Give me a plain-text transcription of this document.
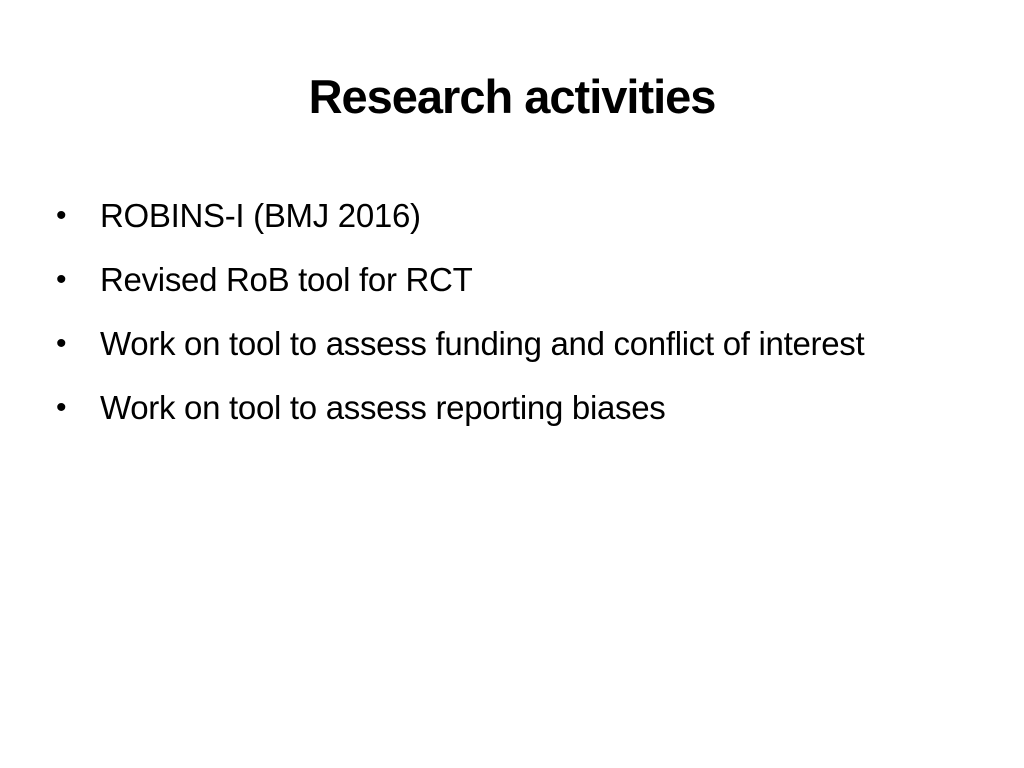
Research activities
•	ROBINS-I (BMJ 2016)
•	Revised RoB tool for RCT
•	Work on tool to assess funding and conflict of interest
•	Work on tool to assess reporting biases
